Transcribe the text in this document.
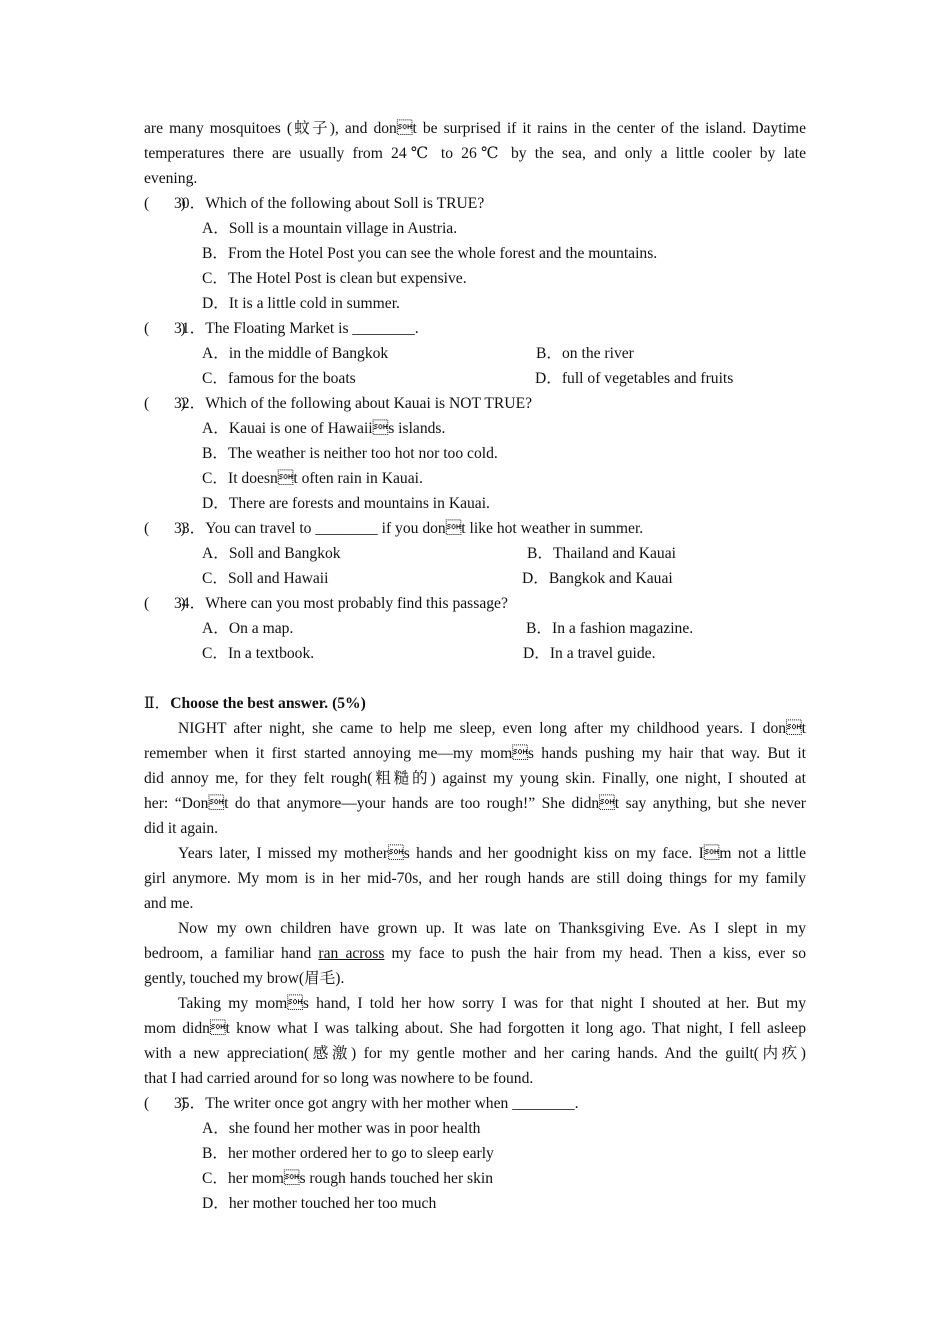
are many mosquitoes (蚊子), and dont be surprised if it rains in the center of the island. Daytime
temperatures there are usually from 24℃ to 26℃ by the sea, and only a little cooler by late
evening.
(　　)
30．Which of the following about Soll is TRUE?
A．Soll is a mountain village in Austria.
B．From the Hotel Post you can see the whole forest and the mountains.
C．The Hotel Post is clean but expensive.
D．It is a little cold in summer.
(　　)
31．The Floating Market is ________.
A．in the middle of Bangkok	B．on the river
C．famous for the boats	D．full of vegetables and fruits
(　　)
32．Which of the following about Kauai is NOT TRUE?
A．Kauai is one of Hawaiis islands.
B．The weather is neither too hot nor too cold.
C．It doesnt often rain in Kauai.
D．There are forests and mountains in Kauai.
(　　)
33．You can travel to ________ if you dont like hot weather in summer.
A．Soll and Bangkok	B．Thailand and Kauai
C．Soll and Hawaii	D．Bangkok and Kauai
(　　)
34．Where can you most probably find this passage?
A．On a map.	B．In a fashion magazine.
C．In a textbook.	D．In a travel guide.
Ⅱ．Choose the best answer. (5%)
NIGHT after night, she came to help me sleep, even long after my childhood years. I dont
remember when it first started annoying me—my moms hands pushing my hair that way. But it
did annoy me, for they felt rough(粗糙的) against my young skin. Finally, one night, I shouted at
her: “Dont do that anymore—your hands are too rough!” She didnt say anything, but she never
did it again.
Years later, I missed my mothers hands and her goodnight kiss on my face. Im not a little
girl anymore. My mom is in her mid-70s, and her rough hands are still doing things for my family
and me.
Now my own children have grown up. It was late on Thanksgiving Eve. As I slept in my
bedroom, a familiar hand ran across my face to push the hair from my head. Then a kiss, ever so
gently, touched my brow(眉毛).
Taking my moms hand, I told her how sorry I was for that night I shouted at her. But my
mom didnt know what I was talking about. She had forgotten it long ago. That night, I fell asleep
with a new appreciation(感激) for my gentle mother and her caring hands. And the guilt(内疚)
that I had carried around for so long was nowhere to be found.
(　　)
35．The writer once got angry with her mother when ________.
A．she found her mother was in poor health
B．her mother ordered her to go to sleep early
C．her moms rough hands touched her skin
D．her mother touched her too much
